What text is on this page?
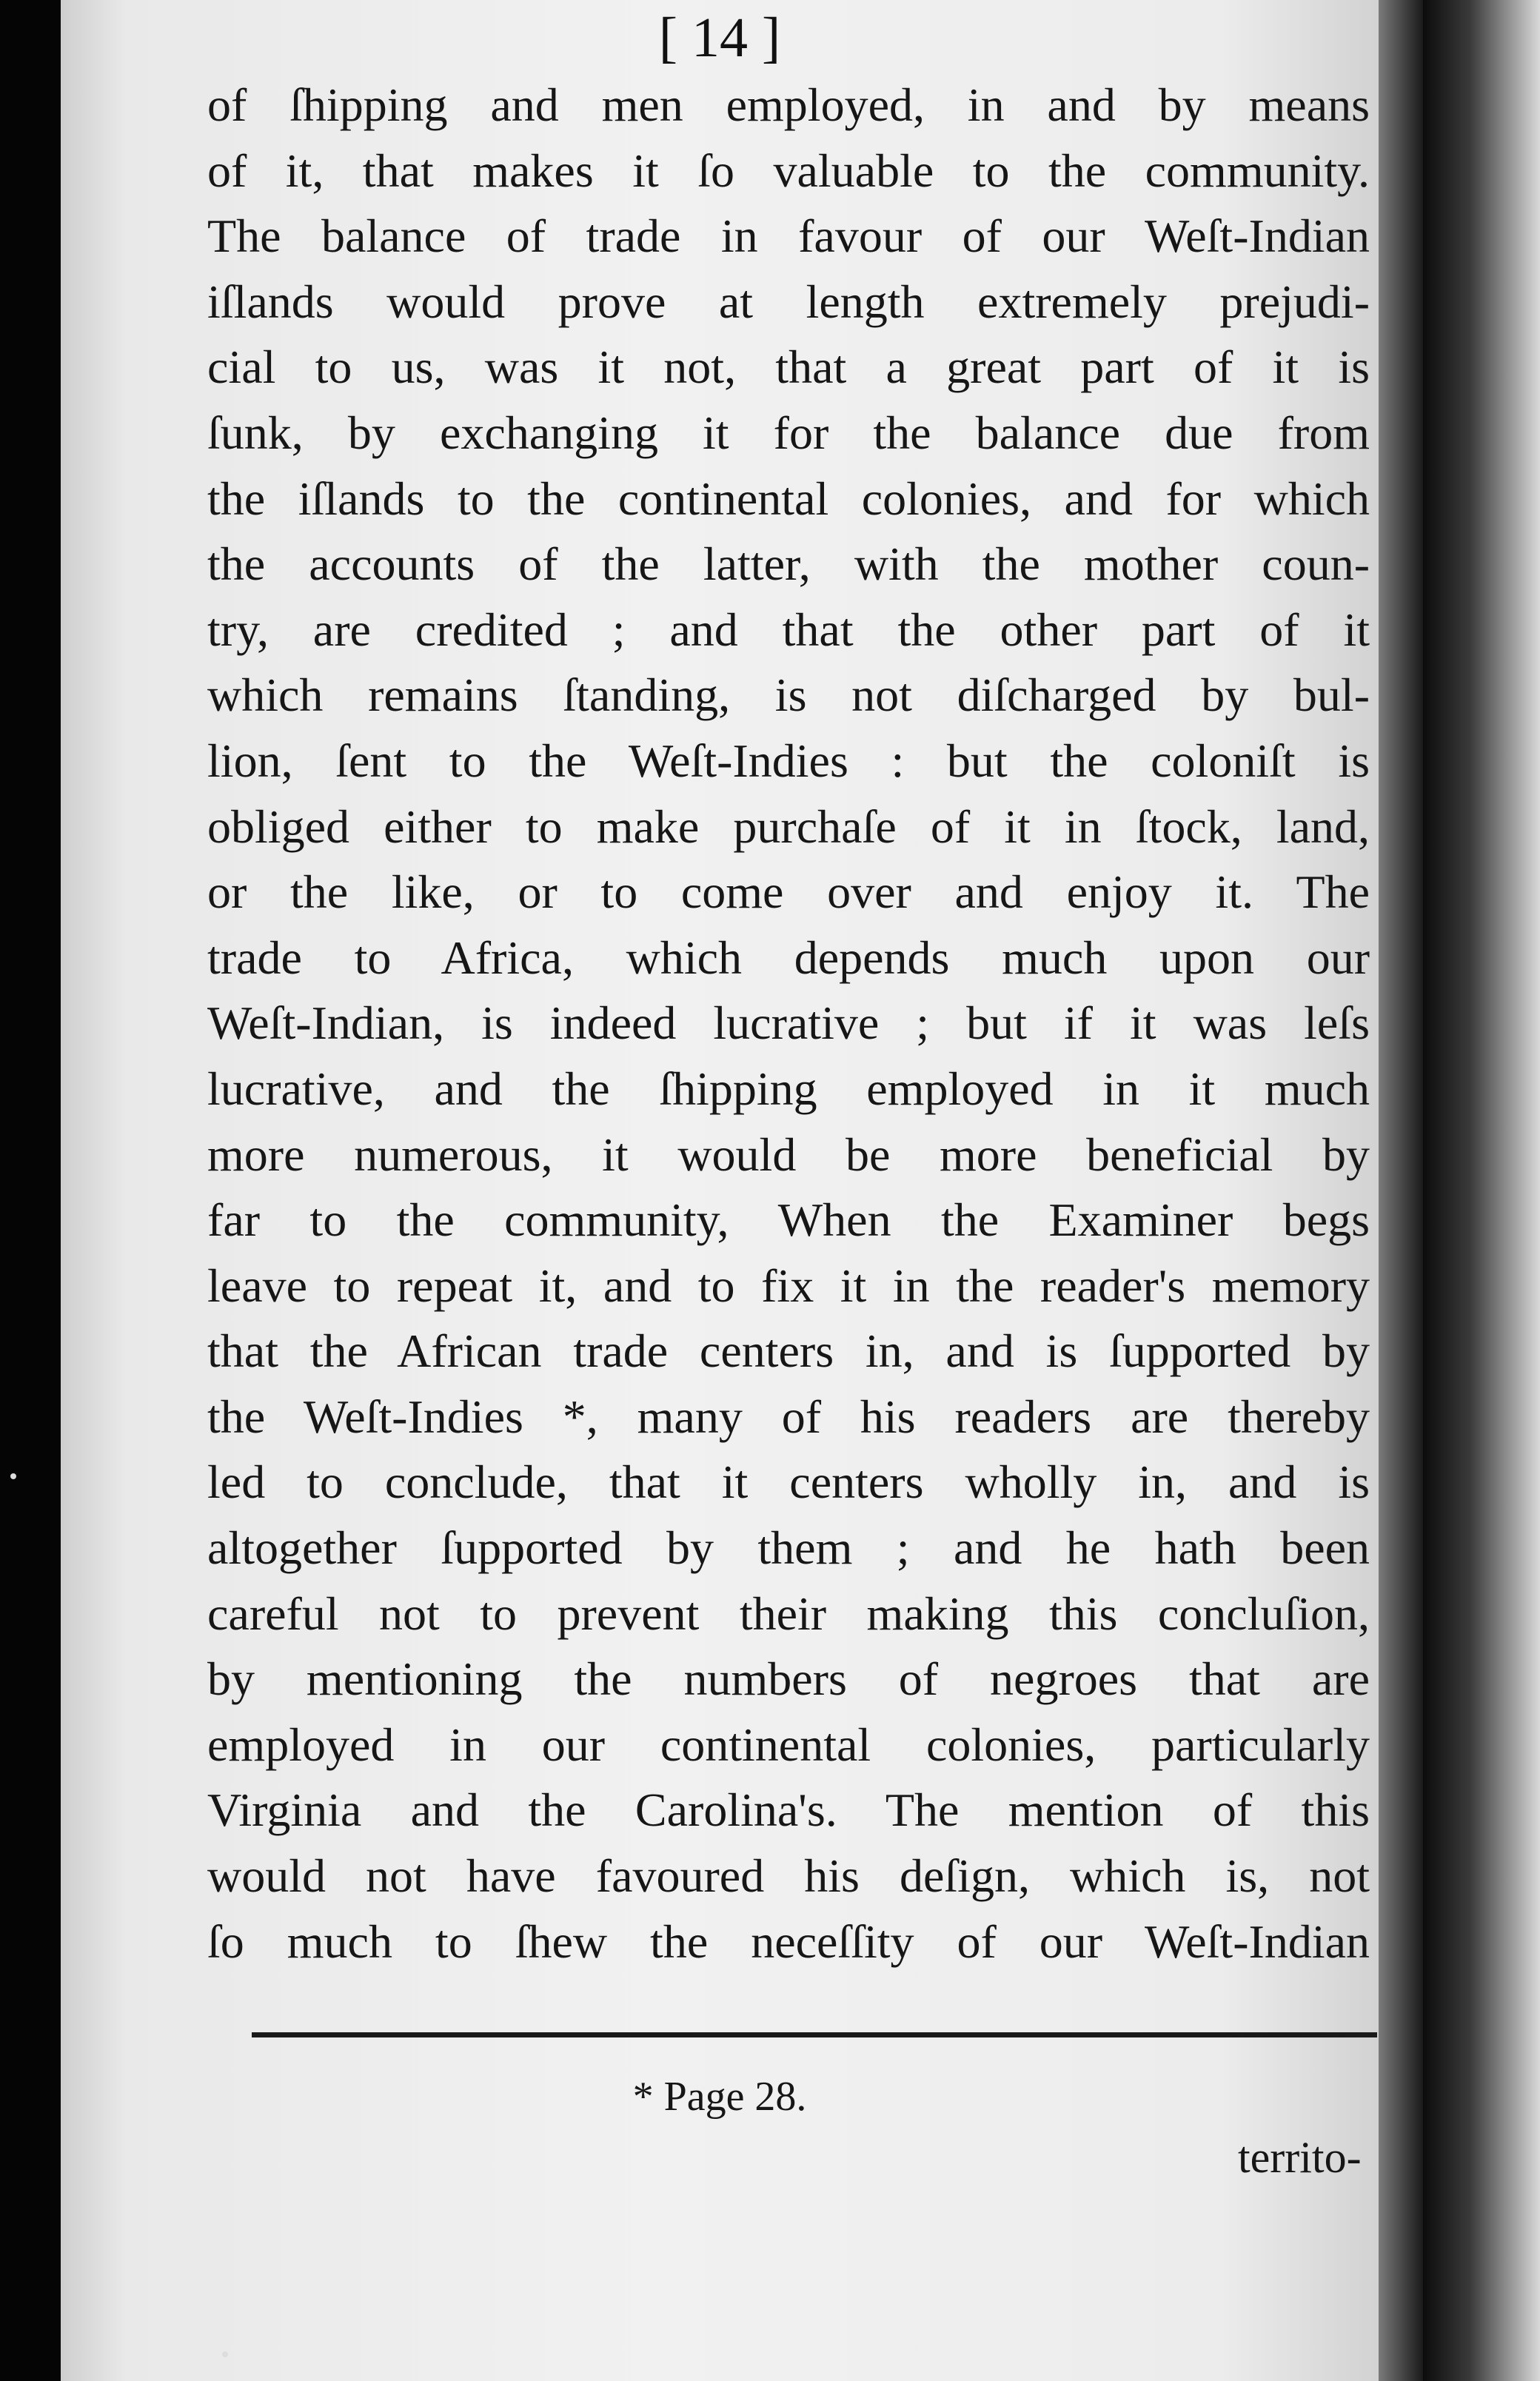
[ 14 ]
of ſhipping and men employed, in and by means
of it, that makes it ſo valuable to the community.
The balance of trade in favour of our Weſt-Indian
iſlands would prove at length extremely prejudi-
cial to us, was it not, that a great part of it is
ſunk, by exchanging it for the balance due from
the iſlands to the continental colonies, and for which
the accounts of the latter, with the mother coun-
try, are credited ; and that the other part of it
which remains ſtanding, is not diſcharged by bul-
lion, ſent to the Weſt-Indies : but the coloniſt is
obliged either to make purchaſe of it in ſtock, land,
or the like, or to come over and enjoy it. The
trade to Africa, which depends much upon our
Weſt-Indian, is indeed lucrative ; but if it was leſs
lucrative, and the ſhipping employed in it much
more numerous, it would be more beneficial by
far to the community, When the Examiner begs
leave to repeat it, and to fix it in the reader's memory
that the African trade centers in, and is ſupported by
the Weſt-Indies *, many of his readers are thereby
led to conclude, that it centers wholly in, and is
altogether ſupported by them ; and he hath been
careful not to prevent their making this concluſion,
by mentioning the numbers of negroes that are
employed in our continental colonies, particularly
Virginia and the Carolina's. The mention of this
would not have favoured his deſign, which is, not
ſo much to ſhew the neceſſity of our Weſt-Indian
* Page 28.
territo-
